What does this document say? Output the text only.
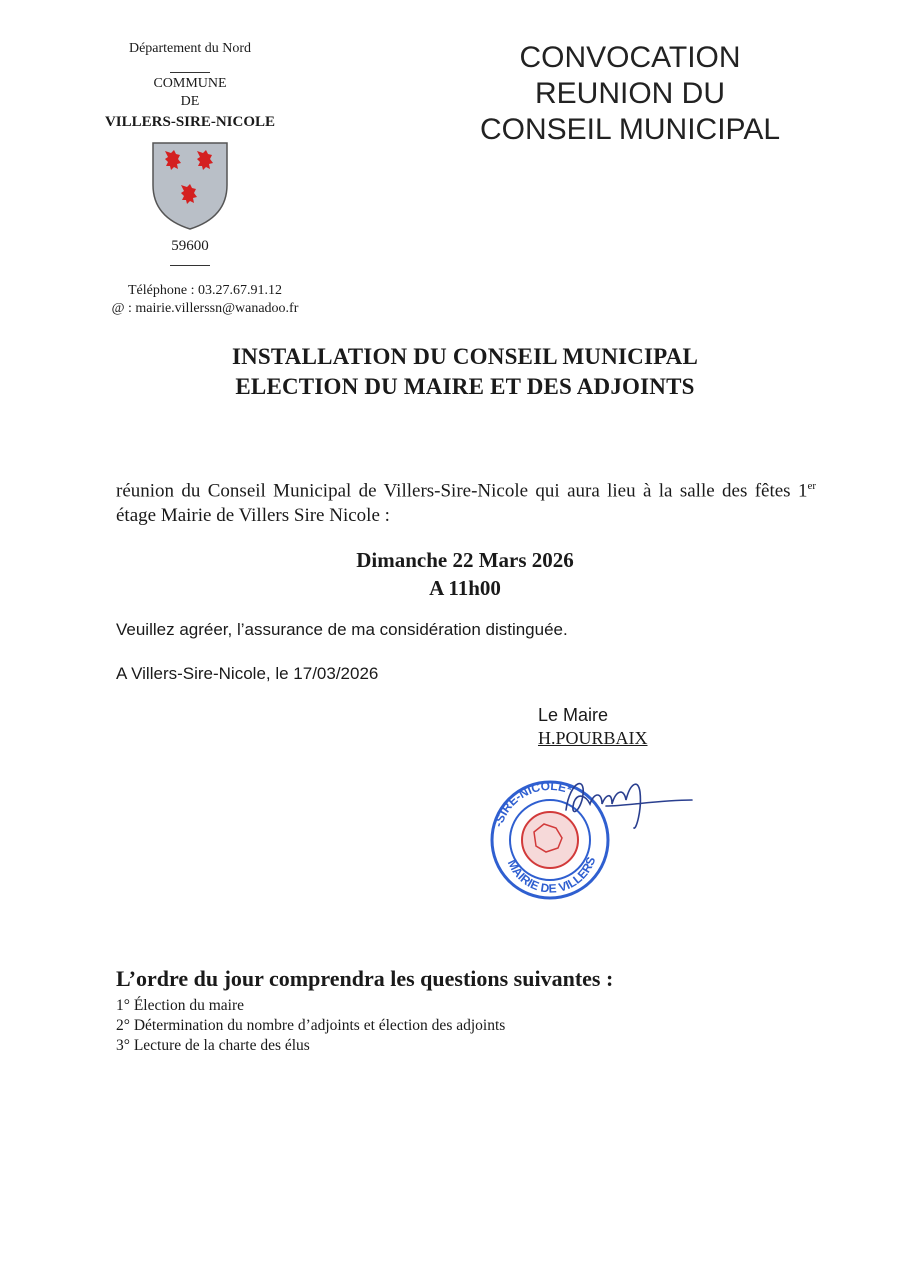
Département du Nord
COMMUNE
DE
VILLERS-SIRE-NICOLE
59600
Téléphone : 03.27.67.91.12
@ : mairie.villerssn@wanadoo.fr
CONVOCATION
REUNION DU
CONSEIL MUNICIPAL
INSTALLATION DU CONSEIL MUNICIPAL
ELECTION DU MAIRE ET DES ADJOINTS
réunion du Conseil Municipal de Villers-Sire-Nicole qui aura lieu à la salle des fêtes 1er étage Mairie de Villers Sire Nicole :
Dimanche 22 Mars 2026
A 11h00
Veuillez agréer, l’assurance de ma considération distinguée.
A Villers-Sire-Nicole, le 17/03/2026
Le Maire
H.POURBAIX
-SIRE-NICOLE*
MAIRIE DE VILLERS
L’ordre du jour comprendra les questions suivantes :
1° Élection du maire
2° Détermination du nombre d’adjoints et élection des adjoints
3° Lecture de la charte des élus
